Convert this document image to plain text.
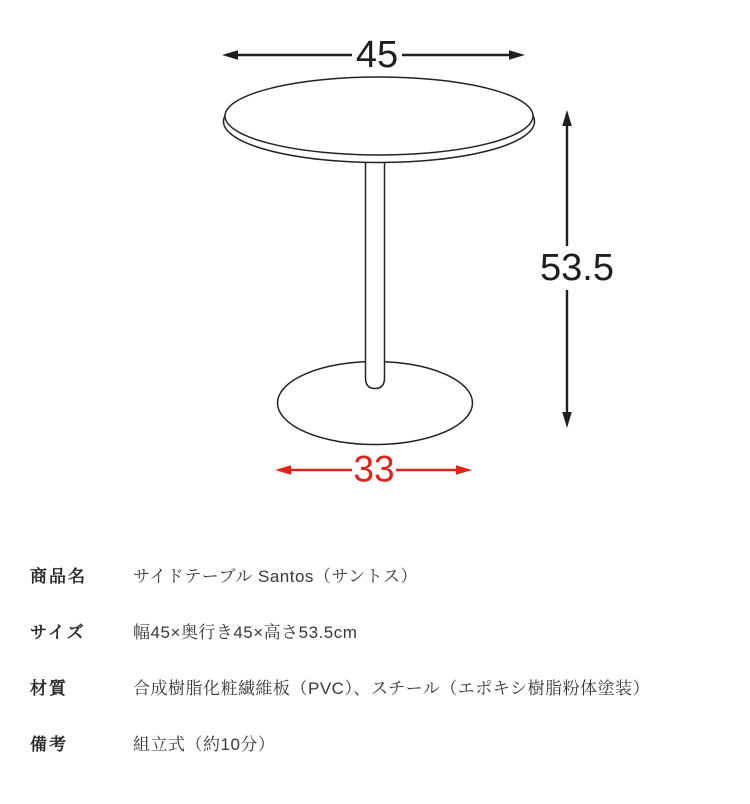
45
53.5
33
商品名	サイドテーブル Santos（サントス）
サイズ	幅45×奥行き45×高さ53.5cm
材質	合成樹脂化粧繊維板（PVC）、スチール（エポキシ樹脂粉体塗装）
備考	組立式（約10分）
